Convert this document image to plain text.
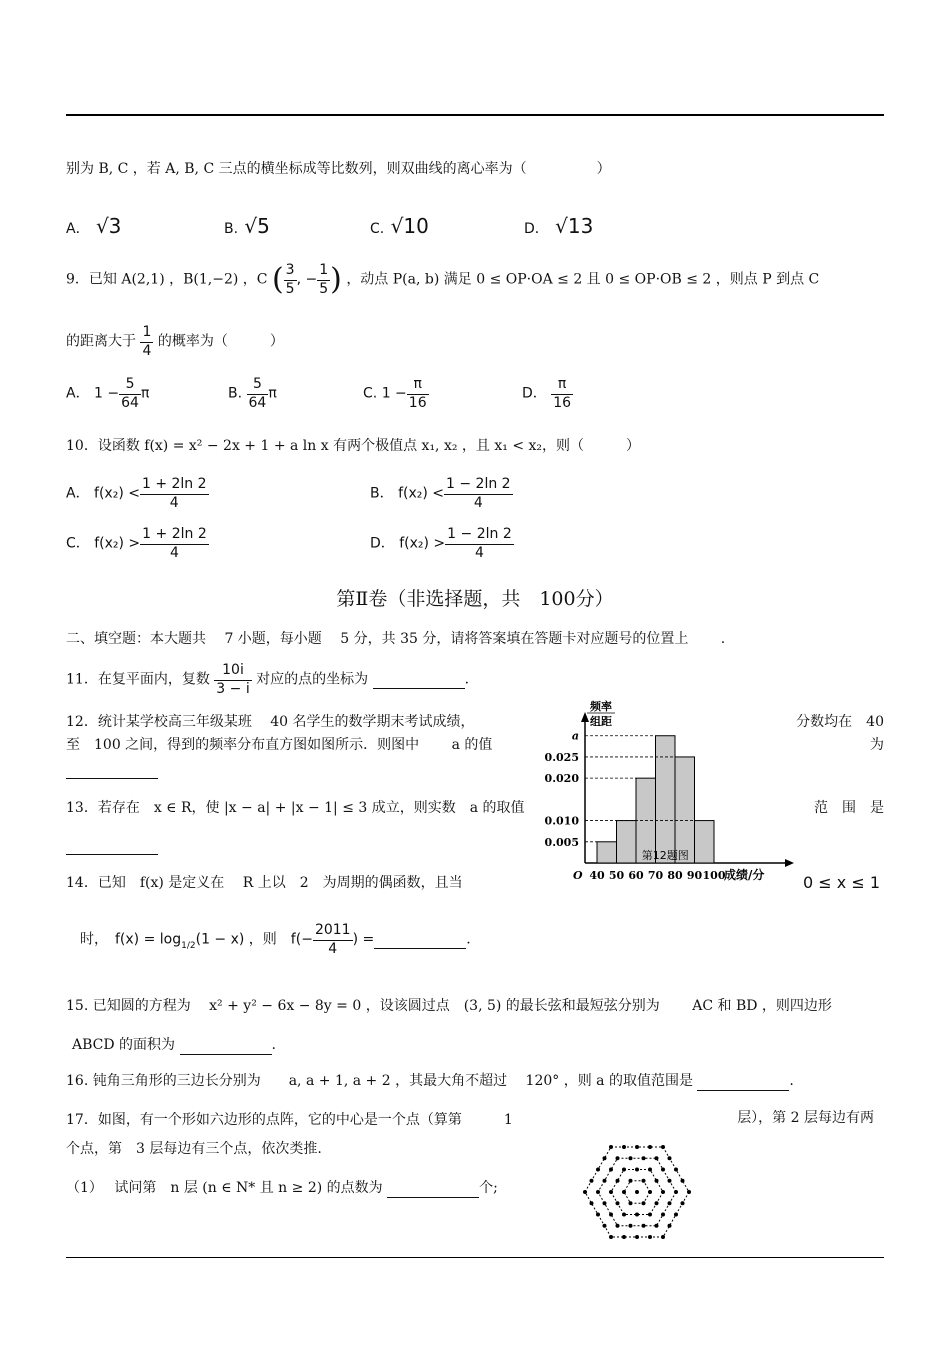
别为 B, C ，若 A, B, C 三点的横坐标成等比数列，则双曲线的离心率为（　　　　　）
A． √3	B. √5	C. √10	D． √13
9．已知 A(2,1) ，B(1,−2) ，C ( $\frac{3}{5}$ , − $\frac{1}{5}$ ) ，动点 P(a, b) 满足 0 ≤ OP·OA ≤ 2 且 0 ≤ OP·OB ≤ 2 ，则点 P 到点 C
的距离大于 $\frac{1}{4}$ 的概率为（　　　）
A． $1 - \frac{5}{64}$ π	B. $\frac{5}{64}$ π	C. $1 - \frac{\pi}{16}$	D． $\frac{\pi}{16}$
10．设函数 f(x) = x² − 2x + 1 + a ln x 有两个极值点 x₁, x₂ ，且 x₁ < x₂，则（　　　）
A． $f(x_2) < \frac{1 + 2\ln 2}{4}$	B． $f(x_2) < \frac{1 - 2\ln 2}{4}$
C． $f(x_2) > \frac{1 + 2\ln 2}{4}$	D． $f(x_2) > \frac{1 - 2\ln 2}{4}$
第Ⅱ卷（非选择题，共　100分）
二、填空题：本大题共　 7 小题，每小题　 5 分，共 35 分，请将答案填在答题卡对应题号的位置上　　 .
11．在复平面内，复数 $\frac{10i}{3 - i}$ 对应的点的坐标为	.
12．统计某学校高三年级某班　 40 名学生的数学期末考试成绩，	分数均在　40
至　100 之间，得到的频率分布直方图如图所示．则图中　　 a 的值	为
13．若存在　x ∈ R，使 |x − a| + |x − 1| ≤ 3 成立，则实数　a 的取值	范　围　是
14．已知　f(x) 是定义在　 R 上以　2　为周期的偶函数，且当	0 ≤ x ≤ 1
　时，　$f(x) = \log_{1/2}(1 - x)$ ，则　$f(- \frac{2011}{4}$ ) =	.
15. 已知圆的方程为　 x² + y² − 6x − 8y = 0 ，设该圆过点　(3, 5) 的最长弦和最短弦分别为　　 AC 和 BD ，则四边形
ABCD 的面积为	.
16. 钝角三角形的三边长分别为　　a, a + 1, a + 2 ，其最大角不超过　 120° ，则 a 的取值范围是	.
17．如图，有一个形如六边形的点阵，它的中心是一个点（算第　　　1	层），第 2 层每边有两
个点，第　3 层每边有三个点，依次类推.
（1）　 试问第　n 层 (n ∈ N* 且 n ≥ 2) 的点数为	个;
a
0.025
0.020
0.010
0.005
40 50 60 70 80 90 100
O	成绩/分
频率
组距
第12题图
